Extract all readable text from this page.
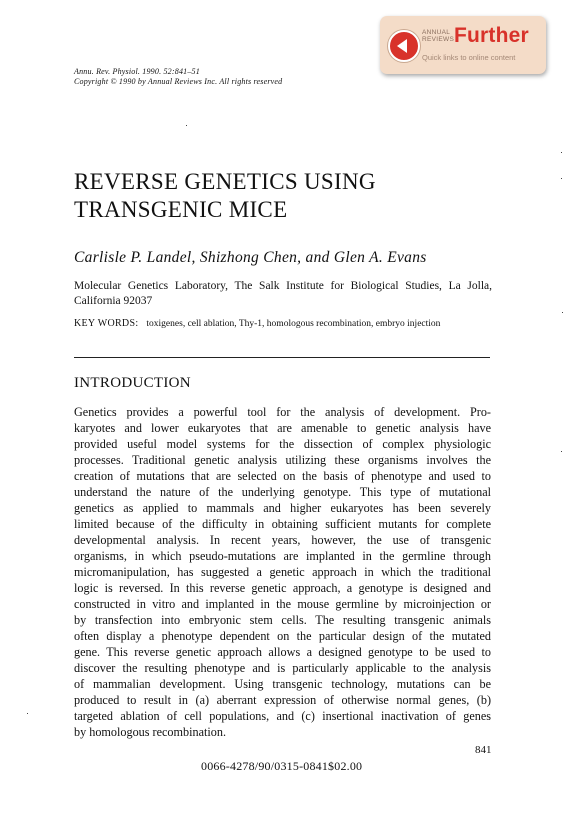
Annu. Rev. Physiol. 1990. 52:841–51
Copyright © 1990 by Annual Reviews Inc. All rights reserved
ANNUAL
REVIEWS Further
Quick links to online content
REVERSE GENETICS USING
TRANSGENIC MICE
Carlisle P. Landel, Shizhong Chen, and Glen A. Evans
Molecular Genetics Laboratory, The Salk Institute for Biological Studies, La Jolla, California 92037
KEY WORDS: toxigenes, cell ablation, Thy-1, homologous recombination, embryo injection
INTRODUCTION
Genetics provides a powerful tool for the analysis of development. Pro-
karyotes and lower eukaryotes that are amenable to genetic analysis have
provided useful model systems for the dissection of complex physiologic
processes. Traditional genetic analysis utilizing these organisms involves the
creation of mutations that are selected on the basis of phenotype and used to
understand the nature of the underlying genotype. This type of mutational
genetics as applied to mammals and higher eukaryotes has been severely
limited because of the difficulty in obtaining sufficient mutants for complete
developmental analysis. In recent years, however, the use of transgenic
organisms, in which pseudo-mutations are implanted in the germline through
micromanipulation, has suggested a genetic approach in which the traditional
logic is reversed. In this reverse genetic approach, a genotype is designed and
constructed in vitro and implanted in the mouse germline by microinjection or
by transfection into embryonic stem cells. The resulting transgenic animals
often display a phenotype dependent on the particular design of the mutated
gene. This reverse genetic approach allows a designed genotype to be used to
discover the resulting phenotype and is particularly applicable to the analysis
of mammalian development. Using transgenic technology, mutations can be
produced to result in (a) aberrant expression of otherwise normal genes, (b)
targeted ablation of cell populations, and (c) insertional inactivation of genes
by homologous recombination.
841
0066-4278/90/0315-0841$02.00
